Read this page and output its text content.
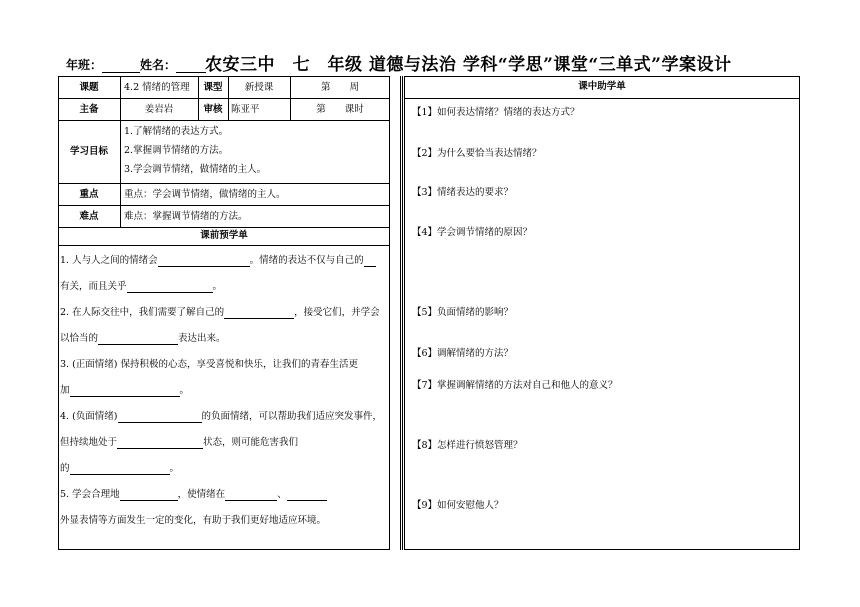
年班：	姓名：	农安三中　七　年级 道德与法治 学科“学思”课堂“三单式”学案设计
课题	4.2 情绪的管理	课型	新授课	第　　周
主备	姜岩岩	审核 陈亚平	第　　课时
学习目标
1.了解情绪的表达方式。
2.掌握调节情绪的方法。
3.学会调节情绪，做情绪的主人。
重点	重点：学会调节情绪，做情绪的主人。
难点	难点：掌握调节情绪的方法。
课前预学单
1. 人与人之间的情绪会	。情绪的表达不仅与自己的
有关，而且关乎	。
2. 在人际交往中，我们需要了解自己的	，接受它们，并学会
以恰当的	表达出来。
3. (正面情绪) 保持积极的心态，享受喜悦和快乐，让我们的青春生活更
加	。
4. (负面情绪)	的负面情绪，可以帮助我们适应突发事件，
但持续地处于	状态，则可能危害我们
的	。
5. 学会合理地	，使情绪在	、
外显表情等方面发生一定的变化，有助于我们更好地适应环境。
课中助学单
【1】如何表达情绪？情绪的表达方式？
【2】为什么要恰当表达情绪？
【3】情绪表达的要求？
【4】学会调节情绪的原因？
【5】负面情绪的影响？
【6】调解情绪的方法？
【7】掌握调解情绪的方法对自己和他人的意义？
【8】怎样进行愤怒管理？
【9】如何安慰他人？
